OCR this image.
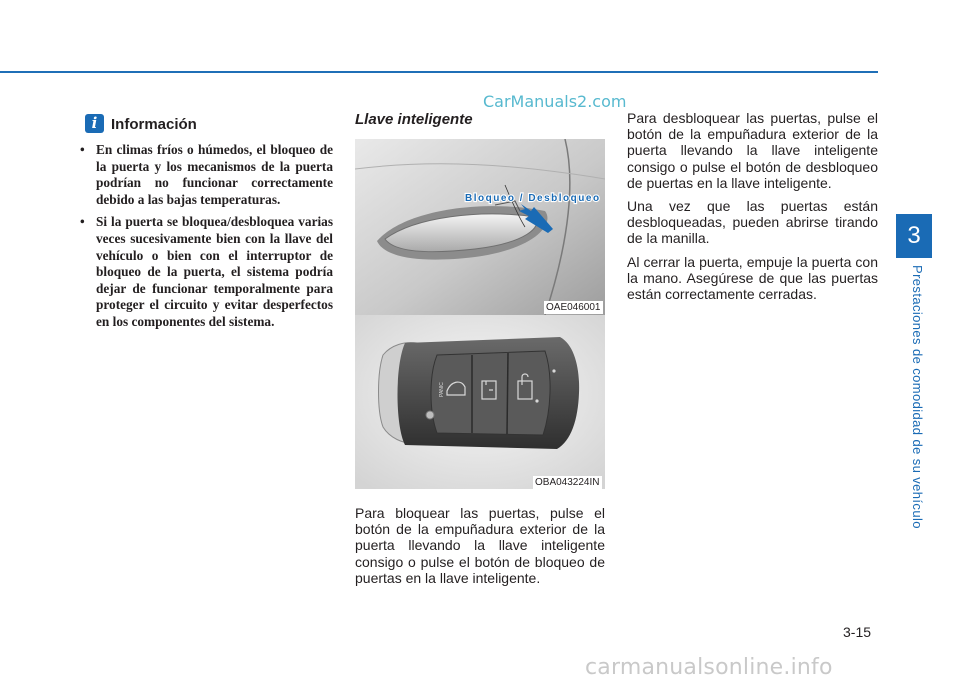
CarManuals2.com
i Información
• En climas fríos o húmedos, el bloqueo de la puerta y los mecanismos de la puerta podrían no funcionar correctamente debido a las bajas temperaturas.
• Si la puerta se bloquea/desbloquea varias veces sucesivamente bien con la llave del vehículo o bien con el interruptor de bloqueo de la puerta, el sistema podría dejar de funcionar temporalmente para proteger el circuito y evitar desperfectos en los componentes del sistema.
Llave inteligente
Bloqueo / Desbloqueo
OAE046001
PANIC
OBA043224IN

Para bloquear las puertas, pulse el botón de la empuñadura exterior de la puerta llevando la llave inteligente consigo o pulse el botón de bloqueo de puertas en la llave inteligente.

Para desbloquear las puertas, pulse el botón de la empuñadura exterior de la puerta llevando la llave inteligente consigo o pulse el botón de desbloqueo de puertas en la llave inteligente.

Una vez que las puertas están desbloqueadas, pueden abrirse tirando de la manilla.

Al cerrar la puerta, empuje la puerta con la mano. Asegúrese de que las puertas están correctamente cerradas.

3
Prestaciones de comodidad de su vehículo
3-15
carmanualsonline.info
